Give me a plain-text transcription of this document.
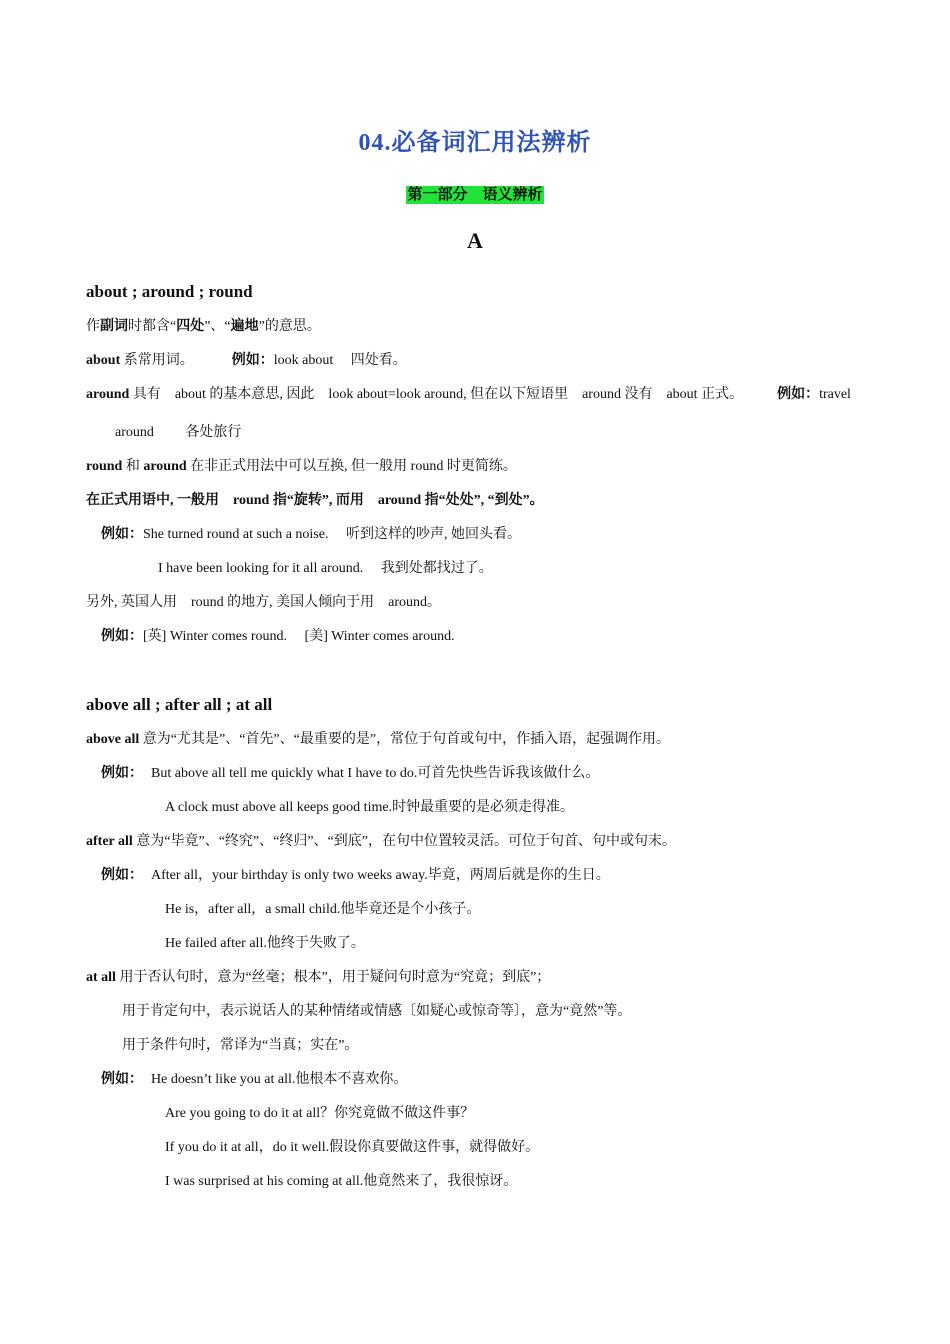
04.必备词汇用法辨析
第一部分　语义辨析
A
about ; around ; round
作副词时都含“四处”、“遍地”的意思。
about 系常用词。	例如：look about　 四处看。
around 具有　about 的基本意思, 因此　look about=look around, 但在以下短语里　around 没有　about 正式。 例如：travel
around　　 各处旅行
round 和 around 在非正式用法中可以互换, 但一般用 round 时更简练。
在正式用语中, 一般用　round 指“旋转”, 而用　around 指“处处”, “到处”。
例如：She turned round at such a noise.　 听到这样的吵声, 她回头看。
I have been looking for it all around.　 我到处都找过了。
另外, 英国人用　round 的地方, 美国人倾向于用　around。
例如：[英] Winter comes round.　 [美] Winter comes around.
above all ; after all ; at all
above all 意为“尤其是”、“首先”、“最重要的是”，常位于句首或句中，作插入语，起强调作用。
例如： But above all tell me quickly what I have to do.可首先快些告诉我该做什么。
A clock must above all keeps good time.时钟最重要的是必须走得准。
after all 意为“毕竟”、“终究”、“终归”、“到底”，在句中位置较灵活。可位于句首、句中或句末。
例如： After all，your birthday is only two weeks away.毕竟，两周后就是你的生日。
He is，after all，a small child.他毕竟还是个小孩子。
He failed after all.他终于失败了。
at all 用于否认句时，意为“丝毫；根本”，用于疑问句时意为“究竟；到底”；
用于肯定句中，表示说话人的某种情绪或情感〔如疑心或惊奇等〕，意为“竟然”等。
用于条件句时，常译为“当真；实在”。
例如： He doesn’t like you at all.他根本不喜欢你。
Are you going to do it at all？你究竟做不做这件事？
If you do it at all，do it well.假设你真要做这件事，就得做好。
I was surprised at his coming at all.他竟然来了，我很惊讶。
